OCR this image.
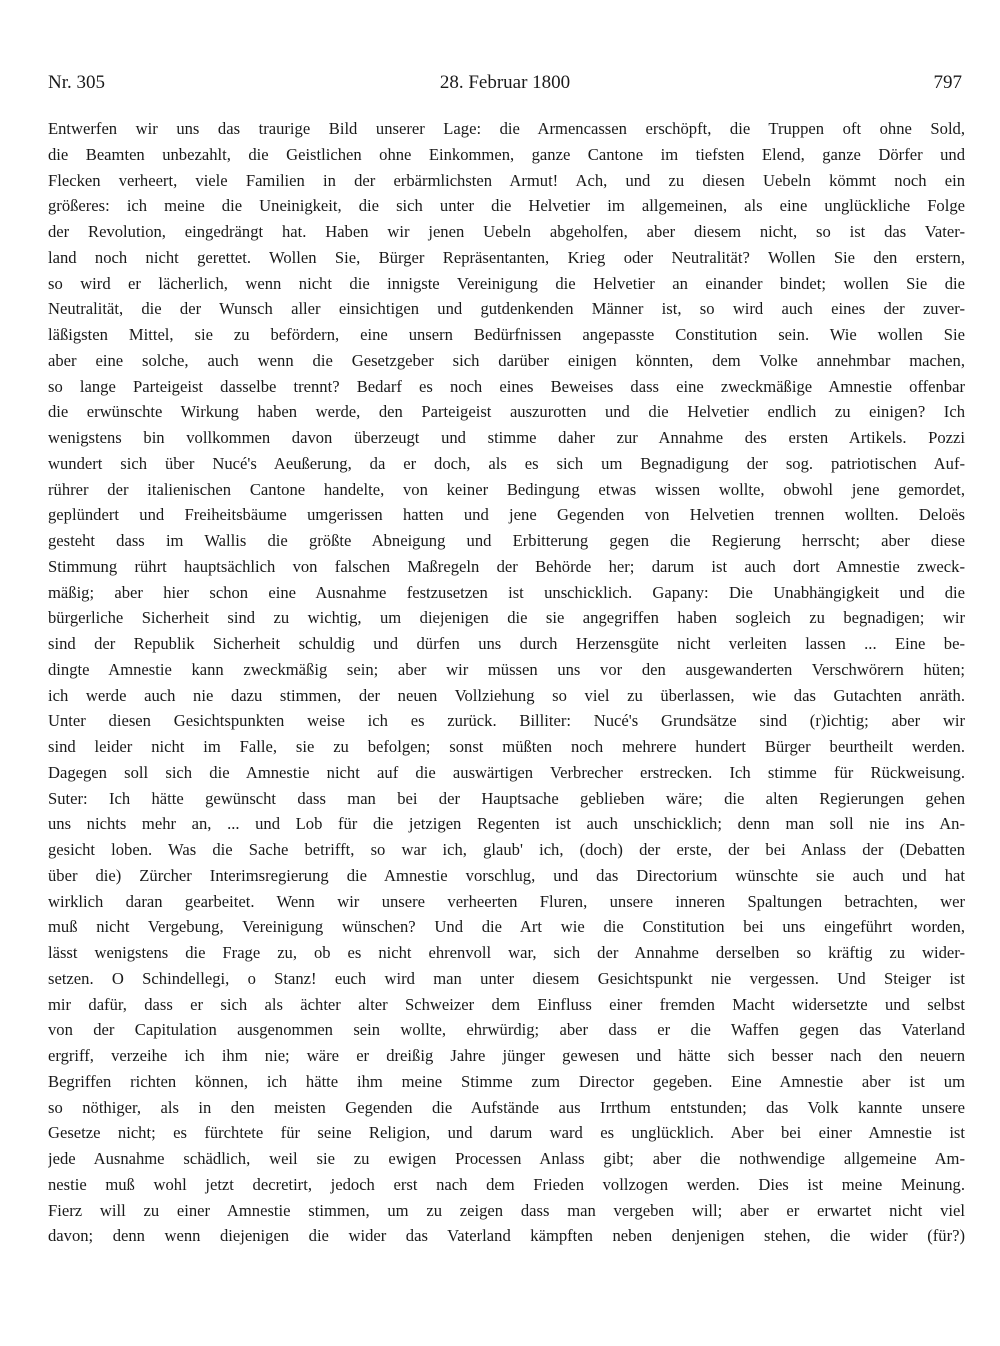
Nr. 305	28. Februar 1800	797
Entwerfen wir uns das traurige Bild unserer Lage: die Armencassen erschöpft, die Truppen oft ohne Sold,
die Beamten unbezahlt, die Geistlichen ohne Einkommen, ganze Cantone im tiefsten Elend, ganze Dörfer und
Flecken verheert, viele Familien in der erbärmlichsten Armut! Ach, und zu diesen Uebeln kömmt noch ein
größeres: ich meine die Uneinigkeit, die sich unter die Helvetier im allgemeinen, als eine unglückliche Folge
der Revolution, eingedrängt hat. Haben wir jenen Uebeln abgeholfen, aber diesem nicht, so ist das Vater-
land noch nicht gerettet. Wollen Sie, Bürger Repräsentanten, Krieg oder Neutralität? Wollen Sie den erstern,
so wird er lächerlich, wenn nicht die innigste Vereinigung die Helvetier an einander bindet; wollen Sie die
Neutralität, die der Wunsch aller einsichtigen und gutdenkenden Männer ist, so wird auch eines der zuver-
läßigsten Mittel, sie zu befördern, eine unsern Bedürfnissen angepasste Constitution sein. Wie wollen Sie
aber eine solche, auch wenn die Gesetzgeber sich darüber einigen könnten, dem Volke annehmbar machen,
so lange Parteigeist dasselbe trennt? Bedarf es noch eines Beweises dass eine zweckmäßige Amnestie offenbar
die erwünschte Wirkung haben werde, den Parteigeist auszurotten und die Helvetier endlich zu einigen? Ich
wenigstens bin vollkommen davon überzeugt und stimme daher zur Annahme des ersten Artikels. Pozzi
wundert sich über Nucé's Aeußerung, da er doch, als es sich um Begnadigung der sog. patriotischen Auf-
rührer der italienischen Cantone handelte, von keiner Bedingung etwas wissen wollte, obwohl jene gemordet,
geplündert und Freiheitsbäume umgerissen hatten und jene Gegenden von Helvetien trennen wollten. Deloës
gesteht dass im Wallis die größte Abneigung und Erbitterung gegen die Regierung herrscht; aber diese
Stimmung rührt hauptsächlich von falschen Maßregeln der Behörde her; darum ist auch dort Amnestie zweck-
mäßig; aber hier schon eine Ausnahme festzusetzen ist unschicklich. Gapany: Die Unabhängigkeit und die
bürgerliche Sicherheit sind zu wichtig, um diejenigen die sie angegriffen haben sogleich zu begnadigen; wir
sind der Republik Sicherheit schuldig und dürfen uns durch Herzensgüte nicht verleiten lassen ... Eine be-
dingte Amnestie kann zweckmäßig sein; aber wir müssen uns vor den ausgewanderten Verschwörern hüten;
ich werde auch nie dazu stimmen, der neuen Vollziehung so viel zu überlassen, wie das Gutachten anräth.
Unter diesen Gesichtspunkten weise ich es zurück. Billiter: Nucé's Grundsätze sind (r)ichtig; aber wir
sind leider nicht im Falle, sie zu befolgen; sonst müßten noch mehrere hundert Bürger beurtheilt werden.
Dagegen soll sich die Amnestie nicht auf die auswärtigen Verbrecher erstrecken. Ich stimme für Rückweisung.
Suter: Ich hätte gewünscht dass man bei der Hauptsache geblieben wäre; die alten Regierungen gehen
uns nichts mehr an, ... und Lob für die jetzigen Regenten ist auch unschicklich; denn man soll nie ins An-
gesicht loben. Was die Sache betrifft, so war ich, glaub' ich, (doch) der erste, der bei Anlass der (Debatten
über die) Zürcher Interimsregierung die Amnestie vorschlug, und das Directorium wünschte sie auch und hat
wirklich daran gearbeitet. Wenn wir unsere verheerten Fluren, unsere inneren Spaltungen betrachten, wer
muß nicht Vergebung, Vereinigung wünschen? Und die Art wie die Constitution bei uns eingeführt worden,
lässt wenigstens die Frage zu, ob es nicht ehrenvoll war, sich der Annahme derselben so kräftig zu wider-
setzen. O Schindellegi, o Stanz! euch wird man unter diesem Gesichtspunkt nie vergessen. Und Steiger ist
mir dafür, dass er sich als ächter alter Schweizer dem Einfluss einer fremden Macht widersetzte und selbst
von der Capitulation ausgenommen sein wollte, ehrwürdig; aber dass er die Waffen gegen das Vaterland
ergriff, verzeihe ich ihm nie; wäre er dreißig Jahre jünger gewesen und hätte sich besser nach den neuern
Begriffen richten können, ich hätte ihm meine Stimme zum Director gegeben. Eine Amnestie aber ist um
so nöthiger, als in den meisten Gegenden die Aufstände aus Irrthum entstunden; das Volk kannte unsere
Gesetze nicht; es fürchtete für seine Religion, und darum ward es unglücklich. Aber bei einer Amnestie ist
jede Ausnahme schädlich, weil sie zu ewigen Processen Anlass gibt; aber die nothwendige allgemeine Am-
nestie muß wohl jetzt decretirt, jedoch erst nach dem Frieden vollzogen werden. Dies ist meine Meinung.
Fierz will zu einer Amnestie stimmen, um zu zeigen dass man vergeben will; aber er erwartet nicht viel
davon; denn wenn diejenigen die wider das Vaterland kämpften neben denjenigen stehen, die wider (für?)
